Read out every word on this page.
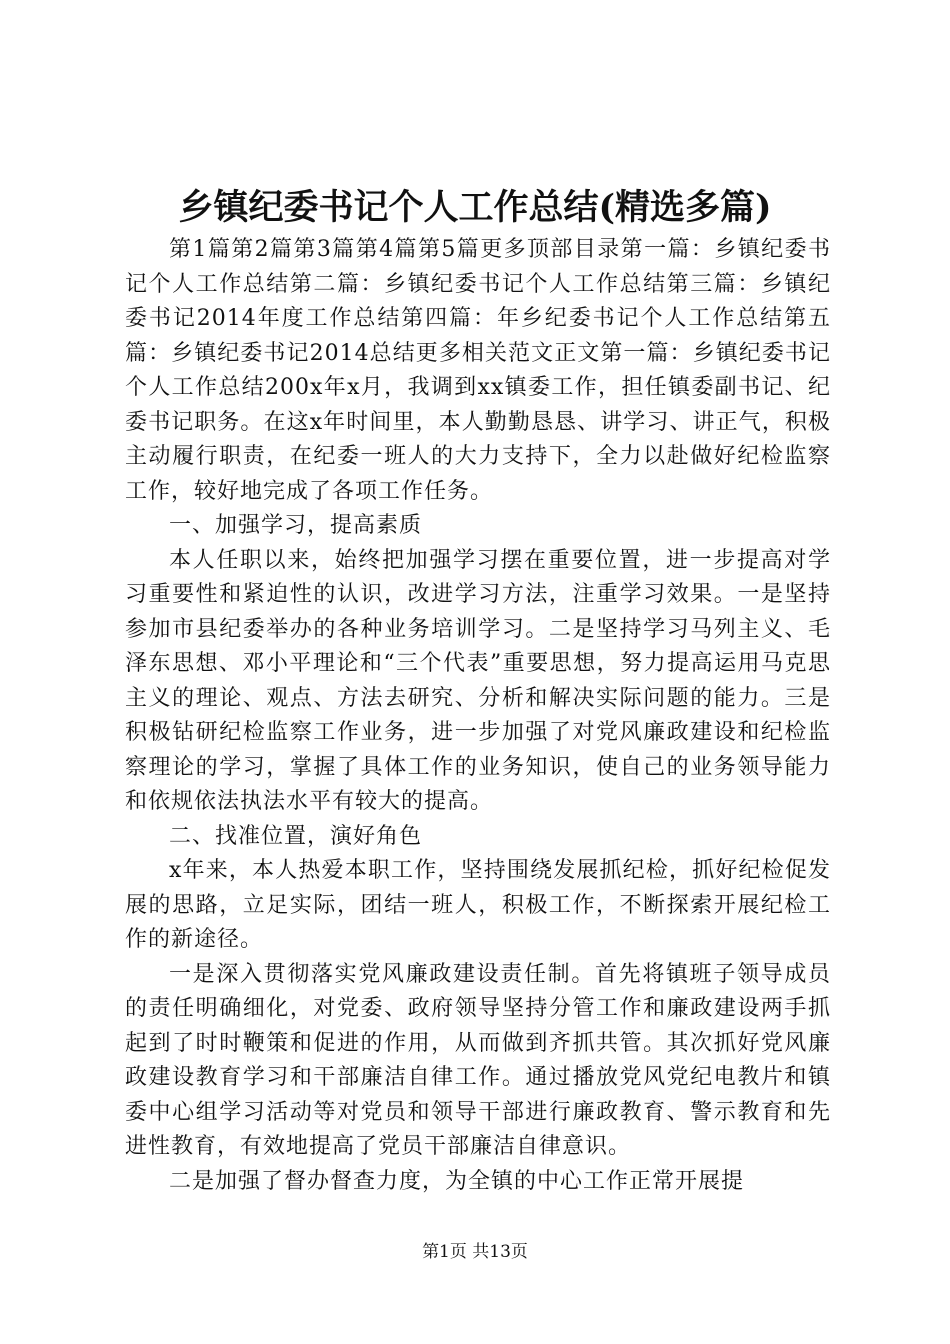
乡镇纪委书记个人工作总结(精选多篇)

第1篇第2篇第3篇第4篇第5篇更多顶部目录第一篇：乡镇纪委书记个人工作总结第二篇：乡镇纪委书记个人工作总结第三篇：乡镇纪委书记2014年度工作总结第四篇：年乡纪委书记个人工作总结第五篇：乡镇纪委书记2014总结更多相关范文正文第一篇：乡镇纪委书记个人工作总结200x年x月，我调到xx镇委工作，担任镇委副书记、纪委书记职务。在这x年时间里，本人勤勤恳恳、讲学习、讲正气，积极主动履行职责，在纪委一班人的大力支持下，全力以赴做好纪检监察工作，较好地完成了各项工作任务。

一、加强学习，提高素质

本人任职以来，始终把加强学习摆在重要位置，进一步提高对学习重要性和紧迫性的认识，改进学习方法，注重学习效果。一是坚持参加市县纪委举办的各种业务培训学习。二是坚持学习马列主义、毛泽东思想、邓小平理论和“三个代表”重要思想，努力提高运用马克思主义的理论、观点、方法去研究、分析和解决实际问题的能力。三是积极钻研纪检监察工作业务，进一步加强了对党风廉政建设和纪检监察理论的学习，掌握了具体工作的业务知识，使自己的业务领导能力和依规依法执法水平有较大的提高。

二、找准位置，演好角色

x年来，本人热爱本职工作，坚持围绕发展抓纪检，抓好纪检促发展的思路，立足实际，团结一班人，积极工作，不断探索开展纪检工作的新途径。

一是深入贯彻落实党风廉政建设责任制。首先将镇班子领导成员的责任明确细化，对党委、政府领导坚持分管工作和廉政建设两手抓起到了时时鞭策和促进的作用，从而做到齐抓共管。其次抓好党风廉政建设教育学习和干部廉洁自律工作。通过播放党风党纪电教片和镇委中心组学习活动等对党员和领导干部进行廉政教育、警示教育和先进性教育，有效地提高了党员干部廉洁自律意识。

二是加强了督办督查力度，为全镇的中心工作正常开展提

第1页 共13页
